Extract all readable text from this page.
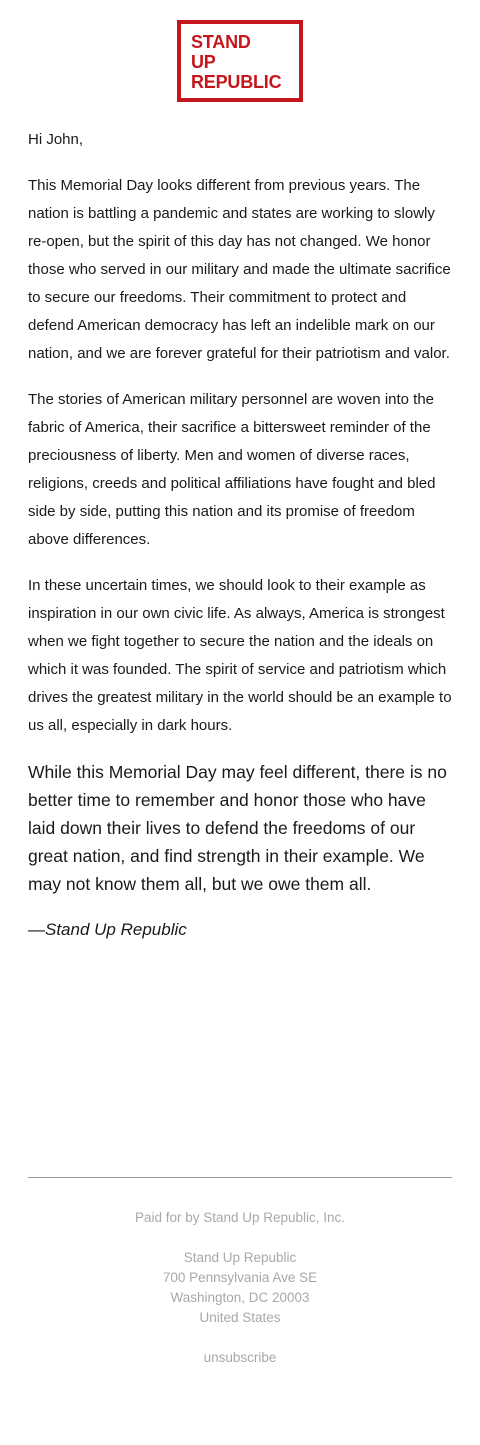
STAND
UP
REPUBLIC

Hi John,

This Memorial Day looks different from previous years. The nation is battling a pandemic and states are working to slowly re-open, but the spirit of this day has not changed. We honor those who served in our military and made the ultimate sacrifice to secure our freedoms. Their commitment to protect and defend American democracy has left an indelible mark on our nation, and we are forever grateful for their patriotism and valor.

The stories of American military personnel are woven into the fabric of America, their sacrifice a bittersweet reminder of the preciousness of liberty. Men and women of diverse races, religions, creeds and political affiliations have fought and bled side by side, putting this nation and its promise of freedom above differences.

In these uncertain times, we should look to their example as inspiration in our own civic life. As always, America is strongest when we fight together to secure the nation and the ideals on which it was founded. The spirit of service and patriotism which drives the greatest military in the world should be an example to us all, especially in dark hours.

While this Memorial Day may feel different, there is no better time to remember and honor those who have laid down their lives to defend the freedoms of our great nation, and find strength in their example. We may not know them all, but we owe them all.

—Stand Up Republic

Paid for by Stand Up Republic, Inc.
Stand Up Republic
700 Pennsylvania Ave SE
Washington, DC 20003
United States
unsubscribe
